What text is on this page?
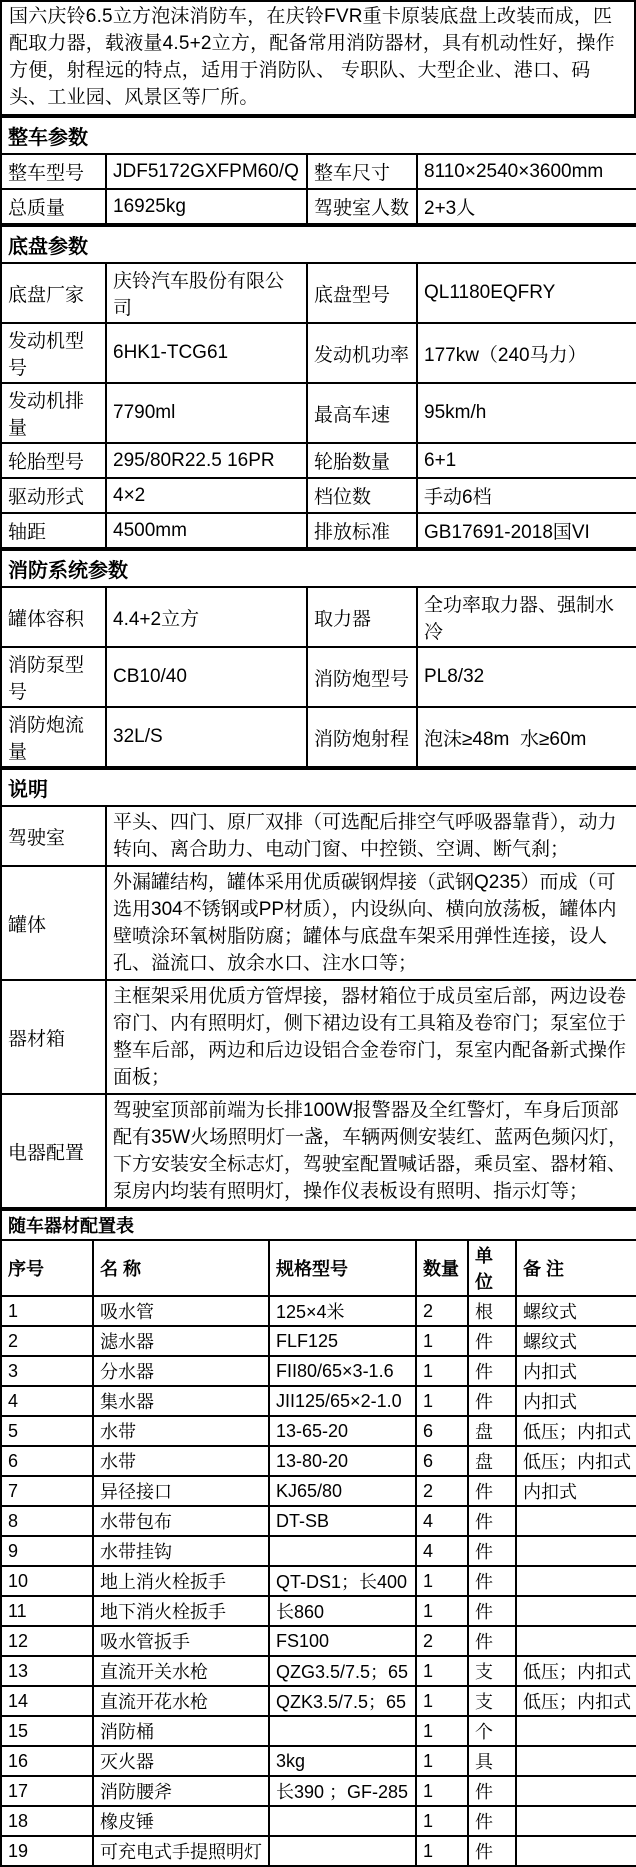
国六庆铃6.5立方泡沫消防车，在庆铃FVR重卡原装底盘上改装而成，匹配取力器，载液量4.5+2立方，配备常用消防器材，具有机动性好，操作方便，射程远的特点，适用于消防队、 专职队、大型企业、港口、码头、工业园、风景区等厂所。
整车参数			
整车型号	JDF5172GXFPM60/Q	整车尺寸	8110×2540×3600mm
总质量	16925kg	驾驶室人数	2+3人
底盘参数			
底盘厂家	庆铃汽车股份有限公司	底盘型号	QL1180EQFRY
发动机型号	6HK1-TCG61	发动机功率	177kw（240马力）
发动机排量	7790ml	最高车速	95km/h
轮胎型号	295/80R22.5 16PR	轮胎数量	6+1
驱动形式	4×2	档位数	手动6档
轴距	4500mm	排放标准	GB17691-2018国VI
消防系统参数			
罐体容积	4.4+2立方	取力器	全功率取力器、强制水冷
消防泵型号	CB10/40	消防炮型号	PL8/32
消防炮流量	32L/S	消防炮射程	泡沫≥48m  水≥60m
说明	
驾驶室	平头、四门、原厂双排（可选配后排空气呼吸器靠背），动力转向、离合助力、电动门窗、中控锁、空调、断气刹；
罐体	外漏罐结构，罐体采用优质碳钢焊接（武钢Q235）而成（可选用304不锈钢或PP材质），内设纵向、横向放荡板，罐体内壁喷涂环氧树脂防腐；罐体与底盘车架采用弹性连接，设人孔、溢流口、放余水口、注水口等；
器材箱	主框架采用优质方管焊接，器材箱位于成员室后部，两边设卷帘门、内有照明灯，侧下裙边设有工具箱及卷帘门；泵室位于整车后部，两边和后边设铝合金卷帘门，泵室内配备新式操作面板；
电器配置	驾驶室顶部前端为长排100W报警器及全红警灯，车身后顶部配有35W火场照明灯一盏，车辆两侧安装红、蓝两色频闪灯，下方安装安全标志灯，驾驶室配置喊话器，乘员室、器材箱、泵房内均装有照明灯，操作仪表板设有照明、指示灯等；
随车器材配置表					
序号	名 称	规格型号	数量	单位	备 注
1	吸水管	125×4米	2	根	螺纹式
2	滤水器	FLF125	1	件	螺纹式
3	分水器	FII80/65×3-1.6	1	件	内扣式
4	集水器	JII125/65×2-1.0	1	件	内扣式
5	水带	13-65-20	6	盘	低压；内扣式
6	水带	13-80-20	6	盘	低压；内扣式
7	异径接口	KJ65/80	2	件	内扣式
8	水带包布	DT-SB	4	件	
9	水带挂钩		4	件	
10	地上消火栓扳手	QT-DS1；长400	1	件	
11	地下消火栓扳手	长860	1	件	
12	吸水管扳手	FS100	2	件	
13	直流开关水枪	QZG3.5/7.5；65	1	支	低压；内扣式
14	直流开花水枪	QZK3.5/7.5；65	1	支	低压；内扣式
15	消防桶		1	个	
16	灭火器	3kg	1	具	
17	消防腰斧	长390 ；GF-285	1	件	
18	橡皮锤		1	件	
19	可充电式手提照明灯		1	件	
